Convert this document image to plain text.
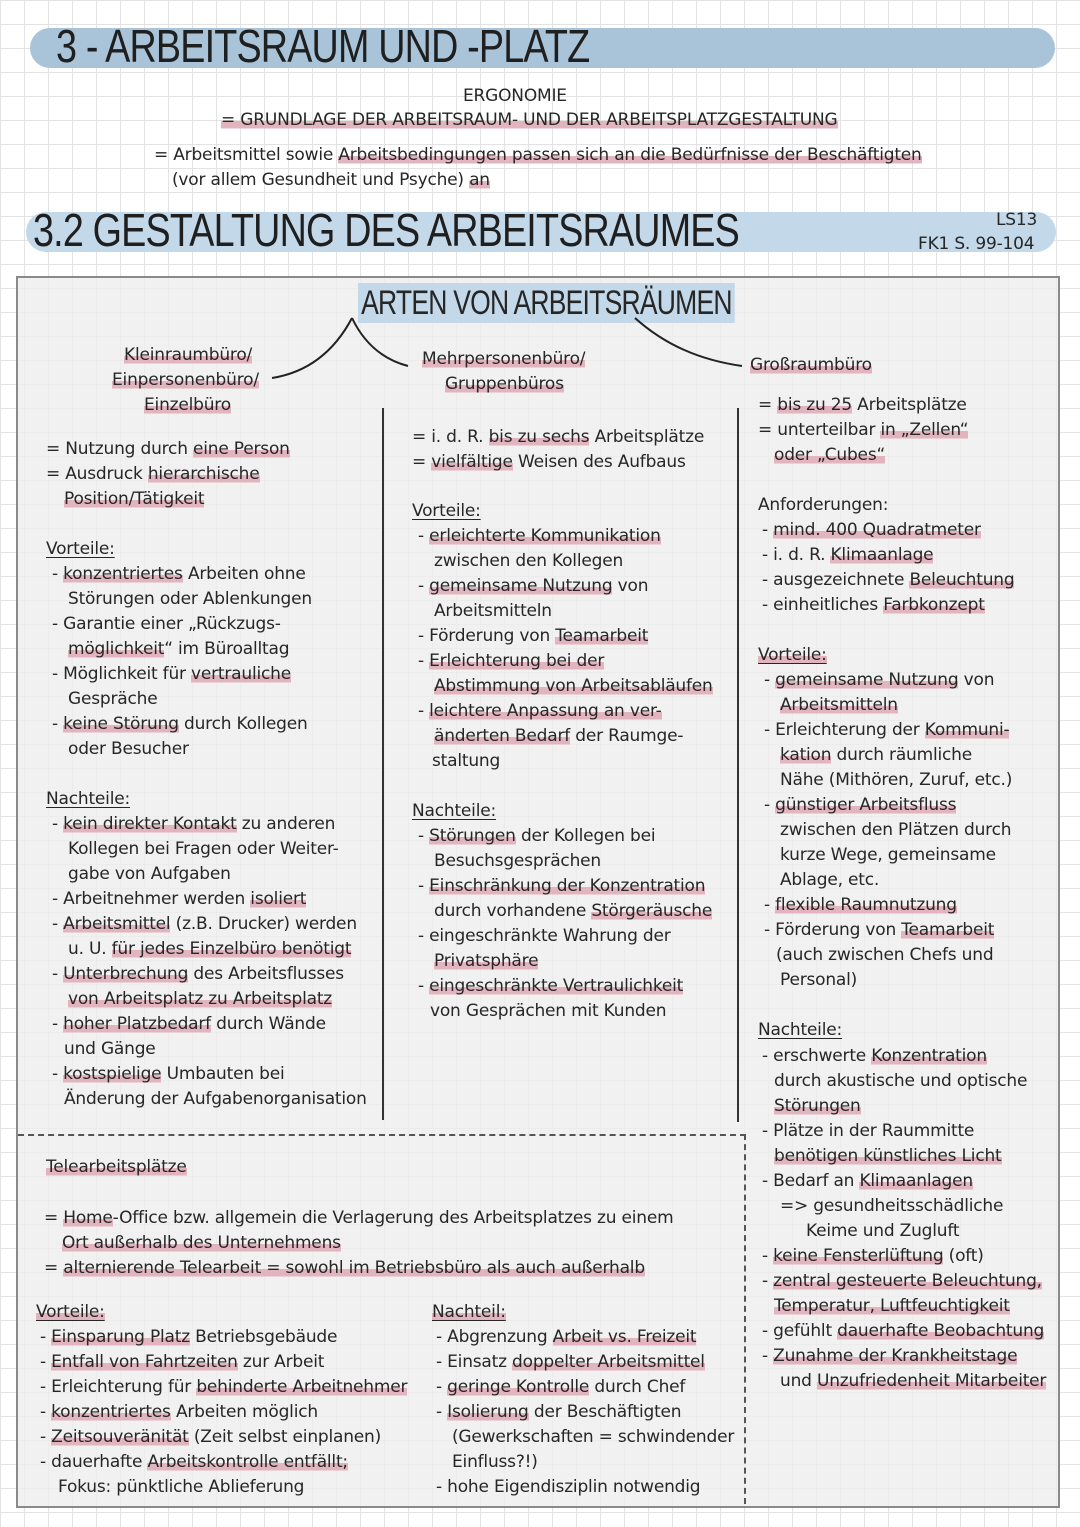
3 - ARBEITSRAUM UND -PLATZ
ERGONOMIE
= GRUNDLAGE DER ARBEITSRAUM- UND DER ARBEITSPLATZGESTALTUNG
= Arbeitsmittel sowie Arbeitsbedingungen passen sich an die Bedürfnisse der Beschäftigten
(vor allem Gesundheit und Psyche) an
3.2 GESTALTUNG DES ARBEITSRAUMES	LS13
FK1 S. 99-104
ARTEN VON ARBEITSRÄUMEN
Kleinraumbüro/
Einpersonenbüro/
Einzelbüro
= Nutzung durch eine Person
= Ausdruck hierarchische
Position/Tätigkeit
Vorteile:
- konzentriertes Arbeiten ohne
Störungen oder Ablenkungen
- Garantie einer „Rückzugs-
möglichkeit“ im Büroalltag
- Möglichkeit für vertrauliche
Gespräche
- keine Störung durch Kollegen
oder Besucher
Nachteile:
- kein direkter Kontakt zu anderen
Kollegen bei Fragen oder Weiter-
gabe von Aufgaben
- Arbeitnehmer werden isoliert
- Arbeitsmittel (z.B. Drucker) werden
u. U. für jedes Einzelbüro benötigt
- Unterbrechung des Arbeitsflusses
von Arbeitsplatz zu Arbeitsplatz
- hoher Platzbedarf durch Wände
und Gänge
- kostspielige Umbauten bei
Änderung der Aufgabenorganisation
Mehrpersonenbüro/
Gruppenbüros
= i. d. R. bis zu sechs Arbeitsplätze
= vielfältige Weisen des Aufbaus
Vorteile:
- erleichterte Kommunikation
zwischen den Kollegen
- gemeinsame Nutzung von
Arbeitsmitteln
- Förderung von Teamarbeit
- Erleichterung bei der
Abstimmung von Arbeitsabläufen
- leichtere Anpassung an ver-
änderten Bedarf der Raumge-
staltung
Nachteile:
- Störungen der Kollegen bei
Besuchsgesprächen
- Einschränkung der Konzentration
durch vorhandene Störgeräusche
- eingeschränkte Wahrung der
Privatsphäre
- eingeschränkte Vertraulichkeit
von Gesprächen mit Kunden
Großraumbüro
= bis zu 25 Arbeitsplätze
= unterteilbar in „Zellen“
oder „Cubes“
Anforderungen:
- mind. 400 Quadratmeter
- i. d. R. Klimaanlage
- ausgezeichnete Beleuchtung
- einheitliches Farbkonzept
Vorteile:
- gemeinsame Nutzung von
Arbeitsmitteln
- Erleichterung der Kommuni-
kation durch räumliche
Nähe (Mithören, Zuruf, etc.)
- günstiger Arbeitsfluss
zwischen den Plätzen durch
kurze Wege, gemeinsame
Ablage, etc.
- flexible Raumnutzung
- Förderung von Teamarbeit
(auch zwischen Chefs und
Personal)
Nachteile:
- erschwerte Konzentration
durch akustische und optische
Störungen
- Plätze in der Raummitte
benötigen künstliches Licht
- Bedarf an Klimaanlagen
=> gesundheitsschädliche
Keime und Zugluft
- keine Fensterlüftung (oft)
- zentral gesteuerte Beleuchtung,
Temperatur, Luftfeuchtigkeit
- gefühlt dauerhafte Beobachtung
- Zunahme der Krankheitstage
und Unzufriedenheit Mitarbeiter
Telearbeitsplätze
= Home-Office bzw. allgemein die Verlagerung des Arbeitsplatzes zu einem
Ort außerhalb des Unternehmens
= alternierende Telearbeit = sowohl im Betriebsbüro als auch außerhalb
Vorteile:
- Einsparung Platz Betriebsgebäude
- Entfall von Fahrtzeiten zur Arbeit
- Erleichterung für behinderte Arbeitnehmer
- konzentriertes Arbeiten möglich
- Zeitsouveränität (Zeit selbst einplanen)
- dauerhafte Arbeitskontrolle entfällt;
Fokus: pünktliche Ablieferung
Nachteil:
- Abgrenzung Arbeit vs. Freizeit
- Einsatz doppelter Arbeitsmittel
- geringe Kontrolle durch Chef
- Isolierung der Beschäftigten
(Gewerkschaften = schwindender
Einfluss?!)
- hohe Eigendisziplin notwendig
